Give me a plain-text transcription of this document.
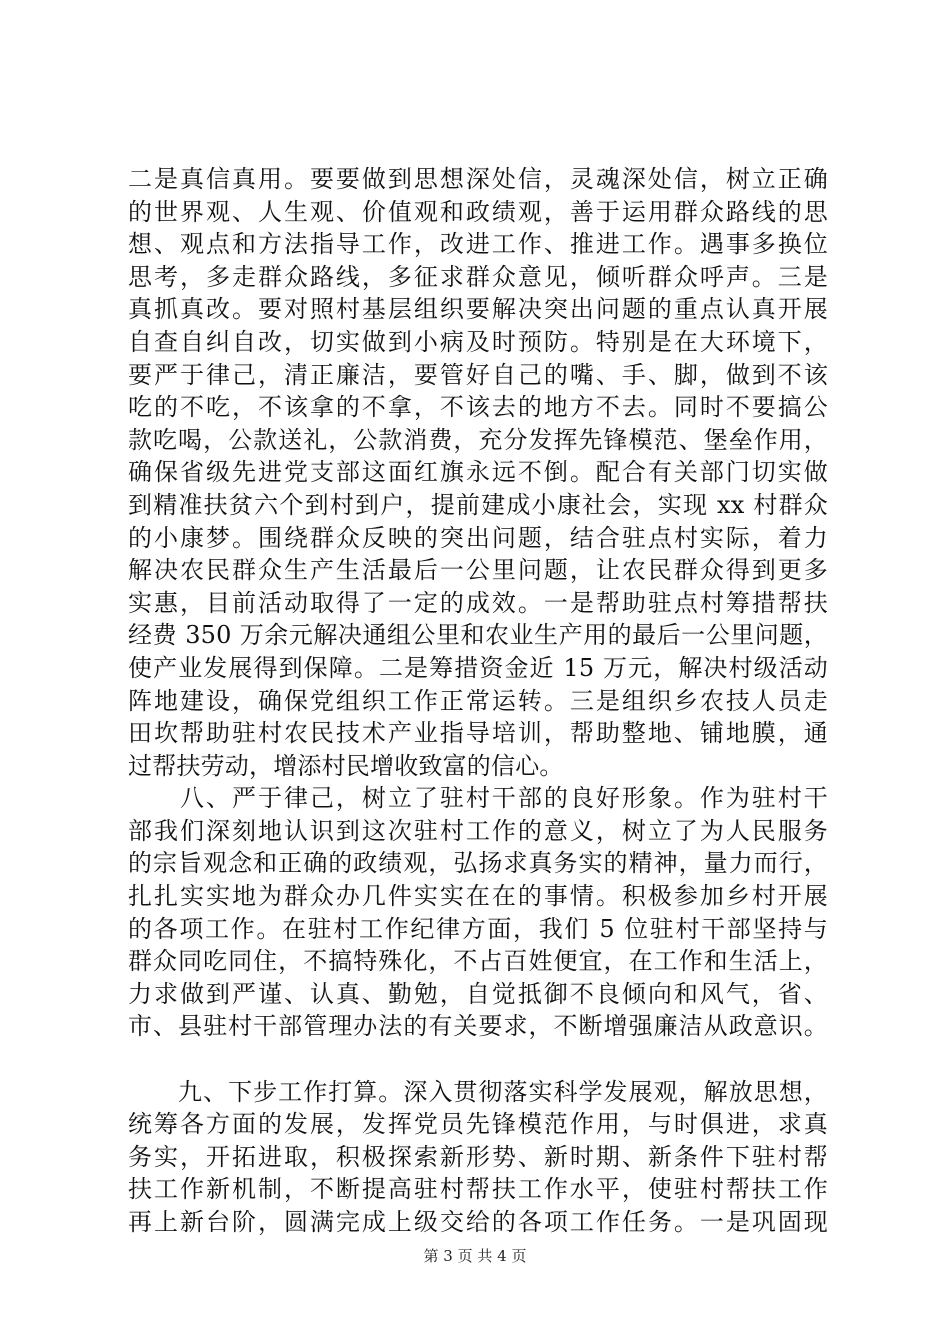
二是真信真用。要要做到思想深处信，灵魂深处信，树立正确
的世界观、人生观、价值观和政绩观，善于运用群众路线的思
想、观点和方法指导工作，改进工作、推进工作。遇事多换位
思考，多走群众路线，多征求群众意见，倾听群众呼声。三是
真抓真改。要对照村基层组织要解决突出问题的重点认真开展
自查自纠自改，切实做到小病及时预防。特别是在大环境下，
要严于律己，清正廉洁，要管好自己的嘴、手、脚，做到不该
吃的不吃，不该拿的不拿，不该去的地方不去。同时不要搞公
款吃喝，公款送礼，公款消费，充分发挥先锋模范、堡垒作用，
确保省级先进党支部这面红旗永远不倒。配合有关部门切实做
到精准扶贫六个到村到户，提前建成小康社会，实现 xx 村群众
的小康梦。围绕群众反映的突出问题，结合驻点村实际，着力
解决农民群众生产生活最后一公里问题，让农民群众得到更多
实惠，目前活动取得了一定的成效。一是帮助驻点村筹措帮扶
经费 350 万余元解决通组公里和农业生产用的最后一公里问题，
使产业发展得到保障。二是筹措资金近 15 万元，解决村级活动
阵地建设，确保党组织工作正常运转。三是组织乡农技人员走
田坎帮助驻村农民技术产业指导培训，帮助整地、铺地膜，通
过帮扶劳动，增添村民增收致富的信心。
　　八、严于律己，树立了驻村干部的良好形象。作为驻村干
部我们深刻地认识到这次驻村工作的意义，树立了为人民服务
的宗旨观念和正确的政绩观，弘扬求真务实的精神，量力而行，
扎扎实实地为群众办几件实实在在的事情。积极参加乡村开展
的各项工作。在驻村工作纪律方面，我们 5 位驻村干部坚持与
群众同吃同住，不搞特殊化，不占百姓便宜，在工作和生活上，
力求做到严谨、认真、勤勉，自觉抵御不良倾向和风气，省、
市、县驻村干部管理办法的有关要求，不断增强廉洁从政意识。
　　九、下步工作打算。深入贯彻落实科学发展观，解放思想，
统筹各方面的发展，发挥党员先锋模范作用，与时俱进，求真
务实，开拓进取，积极探索新形势、新时期、新条件下驻村帮
扶工作新机制，不断提高驻村帮扶工作水平，使驻村帮扶工作
再上新台阶，圆满完成上级交给的各项工作任务。一是巩固现
第 3 页 共 4 页
